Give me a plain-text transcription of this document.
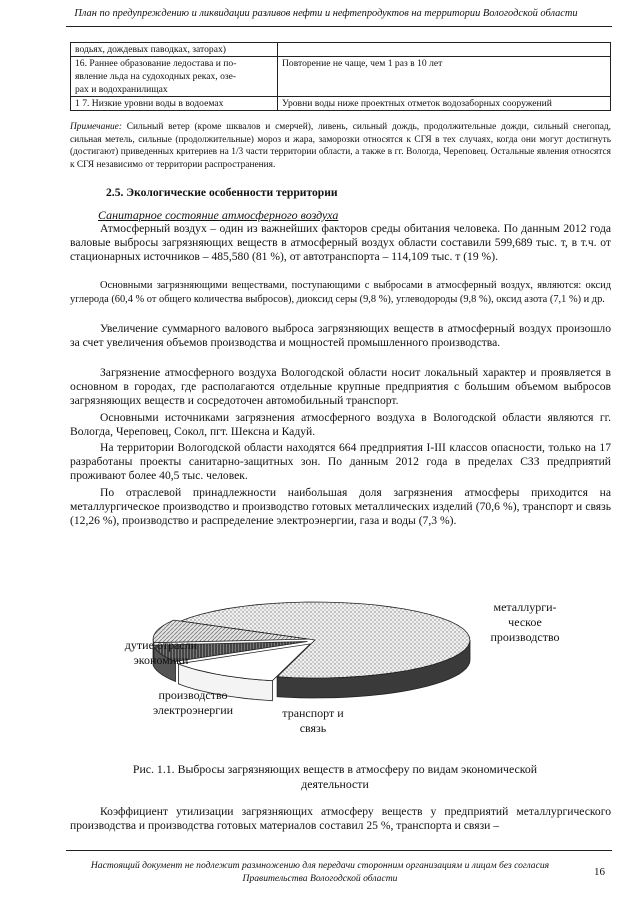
План по предупреждению и ликвидации разливов нефти и нефтепродуктов на территории Вологодской области
водьях, дождевых паводках, заторах)	
16. Раннее образование ледостава и по-
явление льда на судоходных реках, озе-
рах и водохранилищах	Повторение не чаще, чем 1 раз в 10 лет
1 7. Низкие уровни воды в водоемах	Уровни воды ниже проектных отметок водозаборных сооружений
Примечание: Сильный ветер (кроме шквалов и смерчей), ливень, сильный дождь, продолжительные дожди, сильный снегопад, сильная метель, сильные (продолжительные) мороз и жара, заморозки относятся к СГЯ в тех случаях, когда они могут достигнуть (достигают) приведенных критериев на 1/3 части территории области, а также в гг. Вологда, Череповец. Остальные явления относятся к СГЯ независимо от территории распространения.
2.5. Экологические особенности территории
Санитарное состояние атмосферного воздуха
Атмосферный воздух – один из важнейших факторов среды обитания человека. По данным 2012 года валовые выбросы загрязняющих веществ в атмосферный воздух области составили 599,689 тыс. т, в т.ч. от стационарных источников – 485,580 (81 %), от автотранспорта – 114,109 тыс. т (19 %).
Основными загрязняющими веществами, поступающими с выбросами в атмосферный воздух, являются: оксид углерода (60,4 % от общего количества выбросов), диоксид серы (9,8 %), углеводороды (9,8 %), оксид азота (7,1 %) и др.
Увеличение суммарного валового выброса загрязняющих веществ в атмосферный воздух произошло за счет увеличения объемов производства и мощностей промышленного производства.
Загрязнение атмосферного воздуха Вологодской области носит локальный характер и проявляется в основном в городах, где располагаются отдельные крупные предприятия с большим объемом выбросов загрязняющих веществ и сосредоточен автомобильный транспорт.
Основными источниками загрязнения атмосферного воздуха в Вологодской области являются гг. Вологда, Череповец, Сокол, пгт. Шексна и Кадуй.
На территории Вологодской области находятся 664 предприятия I-III классов опасности, только на 17 разработаны проекты санитарно-защитных зон. По данным 2012 года в пределах СЗЗ предприятий проживают более 40,5 тыс. человек.
По отраслевой принадлежности наибольшая доля загрязнения атмосферы приходится на металлургическое производство и производство готовых металлических изделий (70,6 %), транспорт и связь (12,26 %), производство и распределение электроэнергии, газа и воды (7,3 %).
металлурги-
ческое
производство
транспорт и
связь
производство
электроэнергии
дутие отрасли
экономики
Рис. 1.1. Выбросы загрязняющих веществ в атмосферу по видам экономической деятельности
Коэффициент утилизации загрязняющих атмосферу веществ у предприятий металлургического производства и производства готовых материалов составил 25 %, транспорта и связи –
Настоящий документ не подлежит размножению для передачи сторонним организациям и лицам без согласия Правительства Вологодской области
16
